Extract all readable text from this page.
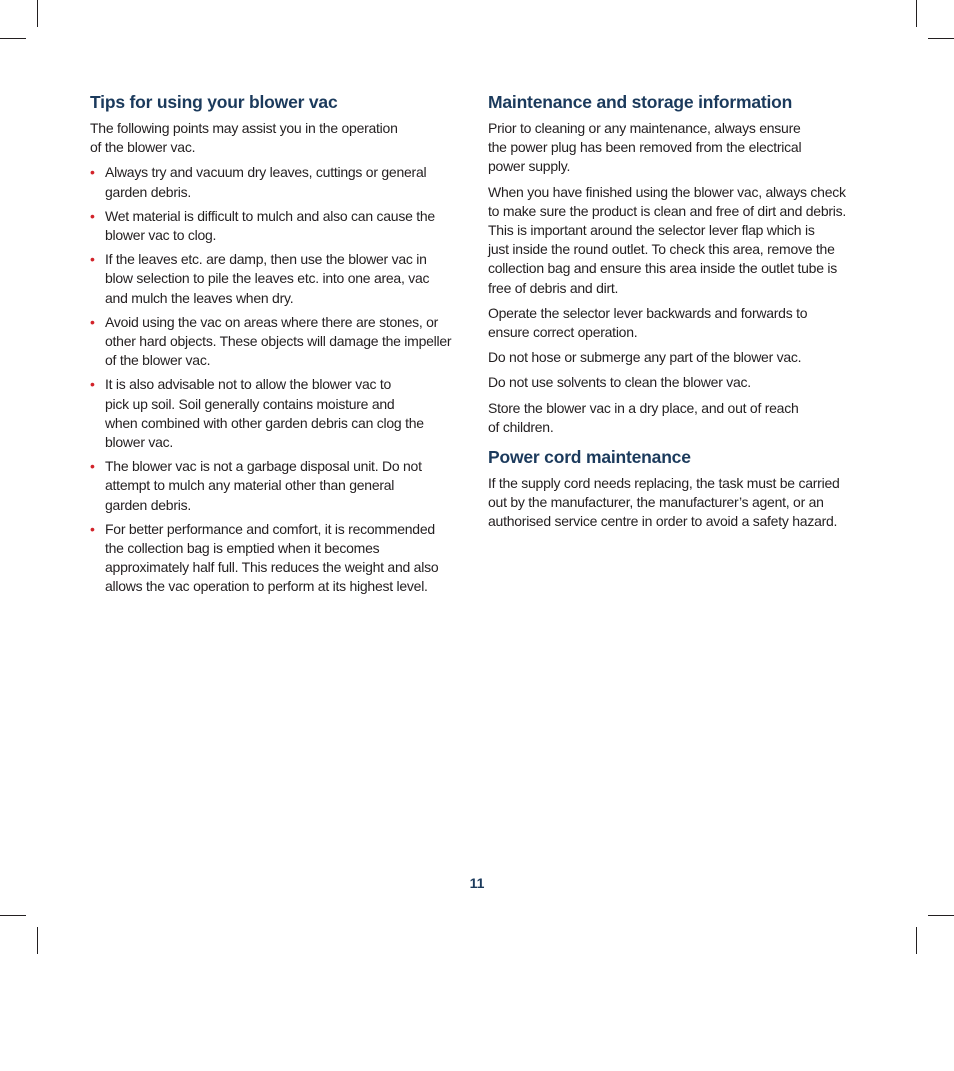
Tips for using your blower vac

The following points may assist you in the operation
of the blower vac.

• Always try and vacuum dry leaves, cuttings or general
garden debris.
• Wet material is difficult to mulch and also can cause the
blower vac to clog.
• If the leaves etc. are damp, then use the blower vac in
blow selection to pile the leaves etc. into one area, vac
and mulch the leaves when dry.
• Avoid using the vac on areas where there are stones, or
other hard objects. These objects will damage the impeller
of the blower vac.
• It is also advisable not to allow the blower vac to
pick up soil. Soil generally contains moisture and
when combined with other garden debris can clog the
blower vac.
• The blower vac is not a garbage disposal unit. Do not
attempt to mulch any material other than general
garden debris.
• For better performance and comfort, it is recommended
the collection bag is emptied when it becomes
approximately half full. This reduces the weight and also
allows the vac operation to perform at its highest level.
Maintenance and storage information

Prior to cleaning or any maintenance, always ensure
the power plug has been removed from the electrical
power supply.

When you have finished using the blower vac, always check
to make sure the product is clean and free of dirt and debris.
This is important around the selector lever flap which is
just inside the round outlet. To check this area, remove the
collection bag and ensure this area inside the outlet tube is
free of debris and dirt.

Operate the selector lever backwards and forwards to
ensure correct operation.

Do not hose or submerge any part of the blower vac.

Do not use solvents to clean the blower vac.

Store the blower vac in a dry place, and out of reach
of children.

Power cord maintenance

If the supply cord needs replacing, the task must be carried
out by the manufacturer, the manufacturer’s agent, or an
authorised service centre in order to avoid a safety hazard.

11
